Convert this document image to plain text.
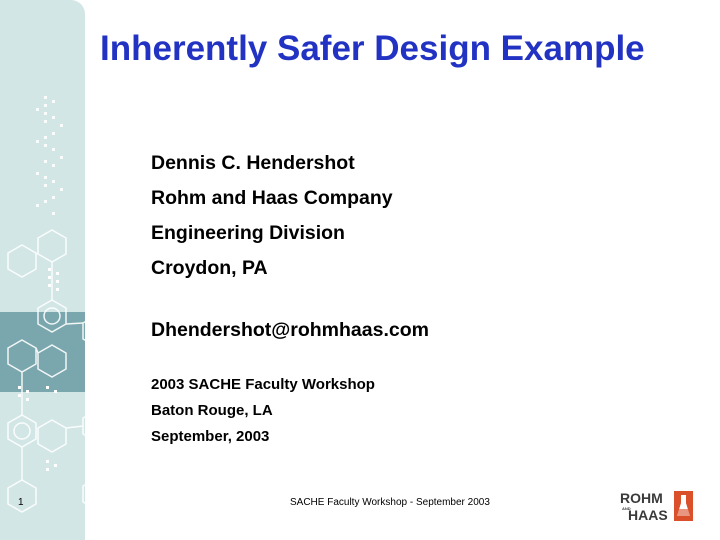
Inherently Safer Design Example

Dennis C. Hendershot

Rohm and Haas Company

Engineering Division

Croydon, PA

Dhendershot@rohmhaas.com

2003 SACHE Faculty Workshop

Baton Rouge, LA

September, 2003

1	SACHE Faculty Workshop - September 2003	ROHM
AND
HAAS
